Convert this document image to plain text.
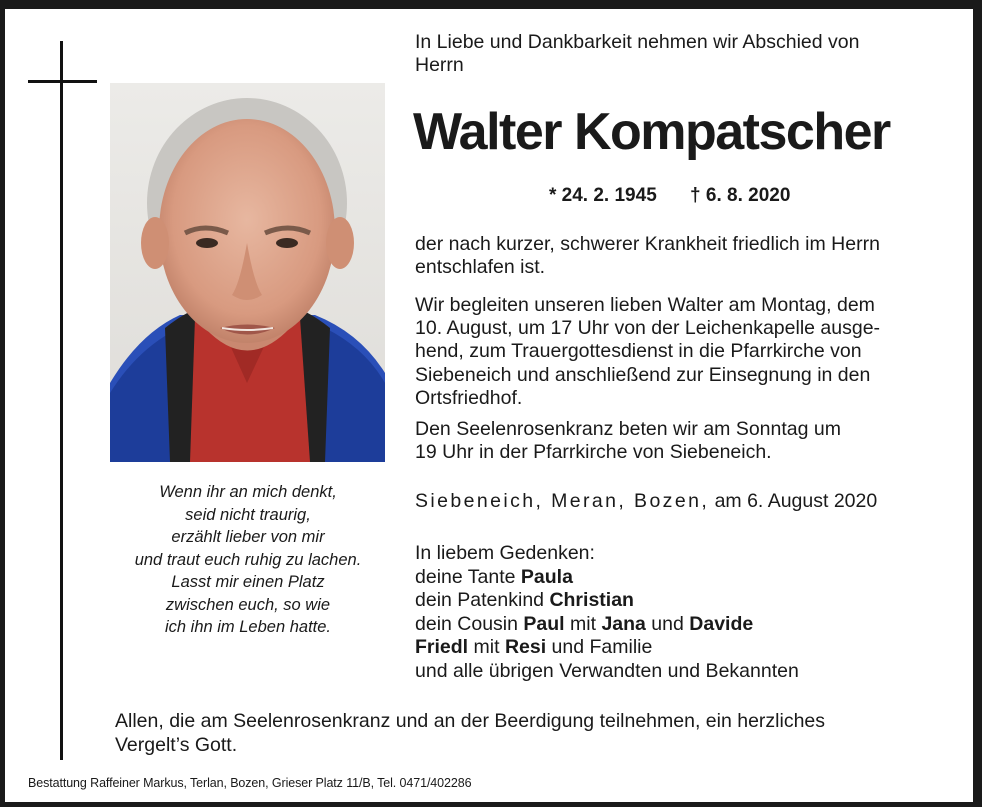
Wenn ihr an mich denkt,
seid nicht traurig,
erzählt lieber von mir
und traut euch ruhig zu lachen.
Lasst mir einen Platz
zwischen euch, so wie
ich ihn im Leben hatte.
In Liebe und Dankbarkeit nehmen wir Abschied von
Herrn
Walter Kompatscher
* 24. 2. 1945 † 6. 8. 2020
der nach kurzer, schwerer Krankheit friedlich im Herrn
entschlafen ist.
Wir begleiten unseren lieben Walter am Montag, dem
10. August, um 17 Uhr von der Leichenkapelle ausge-
hend, zum Trauergottesdienst in die Pfarrkirche von
Siebeneich und anschließend zur Einsegnung in den
Ortsfriedhof.
Den Seelenrosenkranz beten wir am Sonntag um
19 Uhr in der Pfarrkirche von Siebeneich.
Siebeneich, Meran, Bozen, am 6. August 2020
In liebem Gedenken:
deine Tante Paula
dein Patenkind Christian
dein Cousin Paul mit Jana und Davide
Friedl mit Resi und Familie
und alle übrigen Verwandten und Bekannten
Allen, die am Seelenrosenkranz und an der Beerdigung teilnehmen, ein herzliches
Vergelt’s Gott.
Bestattung Raffeiner Markus, Terlan, Bozen, Grieser Platz 11/B, Tel. 0471/402286
